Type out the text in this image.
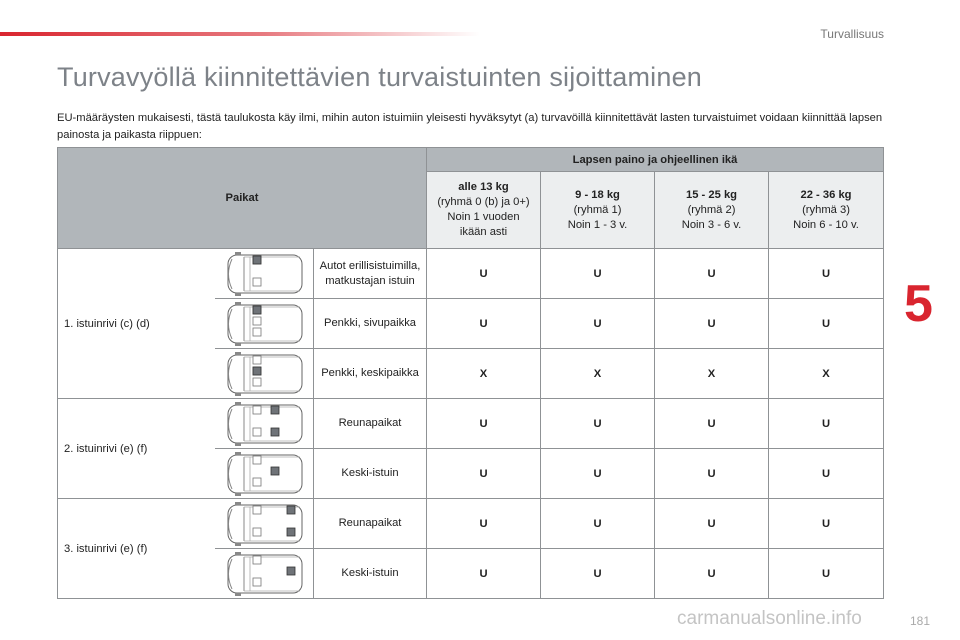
Turvallisuus
Turvavyöllä kiinnitettävien turvaistuinten sijoittaminen
EU-määräysten mukaisesti, tästä taulukosta käy ilmi, mihin auton istuimiin yleisesti hyväksytyt (a) turvavöillä kiinnitettävät lasten turvaistuimet voidaan kiinnittää lapsen painosta ja paikasta riippuen:
Paikat			Lapsen paino ja ohjeellinen ikä			
			alle 13 kg
(ryhmä 0 (b) ja 0+)
Noin 1 vuoden ikään asti	9 - 18 kg
(ryhmä 1)
Noin 1 - 3 v.	15 - 25 kg
(ryhmä 2)
Noin 3 - 6 v.	22 - 36 kg
(ryhmä 3)
Noin 6 - 10 v.
1. istuinrivi (c) (d)		Autot erillisistuimilla, matkustajan istuin	U	U	U	U

	Penkki, sivupaikka	U	U	U	U

	Penkki, keskipaikka	X	X	X	X
2. istuinrivi (e) (f)		Reunapaikat	U	U	U	U

	Keski-istuin	U	U	U	U
3. istuinrivi (e) (f)		Reunapaikat	U	U	U	U

	Keski-istuin	U	U	U	U
5
181
carmanualsonline.info
